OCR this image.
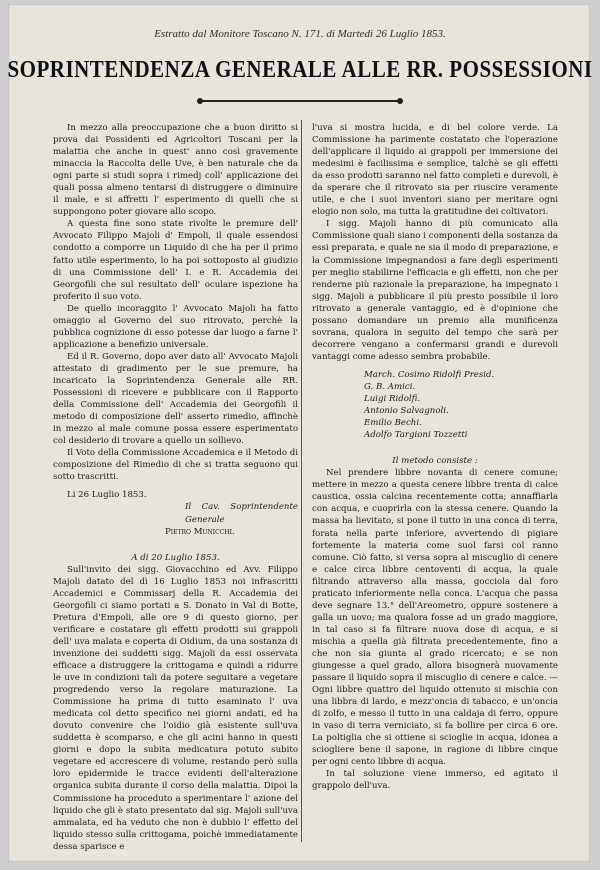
Estratto dal Monitore Toscano N. 171. di Martedì 26 Luglio 1853.
SOPRINTENDENZA GENERALE ALLE RR. POSSESSIONI

In mezzo alla preoccupazione che a buon diritto si prova dai Possidenti ed Agricoltori Toscani per la malattia che anche in quest' anno così gravemente minaccia la Raccolta delle Uve, è ben naturale che da ogni parte si studi sopra i rimedj coll' applicazione dei quali possa almeno tentarsi di distruggere o diminuire il male, e si affretti l' esperimento di quelli che si suppongono poter giovare allo scopo.

A questa fine sono state rivolte le premure dell' Avvocato Filippo Majoli d' Empoli, il quale essendosi condotto a comporre un Liquido di che ha per il primo fatto utile esperimento, lo ha poi sottoposto al giudizio di una Commissione dell' I. e R. Accademia dei Georgofili che sul resultato dell' oculare ispezione ha proferito il suo voto.

De quello incoraggito l' Avvocato Majoli ha fatto omaggio al Governo del suo ritrovato, perchè la pubblica cognizione di esso potesse dar luogo a farne l' applicazione a benefizio universale.

Ed il R. Governo, dopo aver dato all' Avvocato Majoli attestato di gradimento per le sue premure, ha incaricato la Soprintendenza Generale alle RR. Possessioni di ricevere e pubblicare con il Rapporto della Commissione dell' Accademia dei Georgofili il metodo di composizione dell' asserto rimedio, affinchè in mezzo al male comune possa essere esperimentato col desiderio di trovare a quello un sollievo.

Il Voto della Commissione Accademica e il Metodo di composizione del Rimedio di che si tratta seguono qui sotto trascritti.

Li 26 Luglio 1853.

Il Cav. Soprintendente Generale

Pietro Municchi.

A di 20 Luglio 1853.

Sull'invito dei sigg. Giovacchino ed Avv. Filippo Majoli datato del dì 16 Luglio 1853 noi infrascritti Accademici e Commissarj della R. Accademia dei Georgofili ci siamo portati a S. Donato in Val di Botte, Pretura d'Empoli, alle ore 9 di questo giorno, per verificare e costatare gli effetti prodotti sui grappoli dell' uva malata e coperta di Oidium, da una sostanza di invenzione dei suddetti sigg. Majoli da essi osservata efficace a distruggere la crittogama e quindi a ridurre le uve in condizioni tali da potere seguitare a vegetare progredendo verso la regolare maturazione. La Commissione ha prima di tutto esaminato l' uva medicata col detto specifico nei giorni andati, ed ha dovuto convenire che l'oidio già esistente sull'uva suddetta è scomparso, e che gli acini hanno in questi giorni e dopo la subita medicatura potuto subito vegetare ed accrescere di volume, restando però sulla loro epidermide le tracce evidenti dell'alterazione organica subita durante il corso della malattia. Dipoi la Commissione ha proceduto a sperimentare l' azione del liquido che gli è stato presentato dal sig. Majoli sull'uva ammalata, ed ha veduto che non è dubbio l' effetto del liquido stesso sulla crittogama, poichè immediatamente dessa sparisce e

l'uva si mostra lucida, e di bel colore verde. La Commissione ha parimente costatato che l'operazione dell'applicare il liquido ai grappoli per immersione dei medesimi è facilissima e semplice, talchè se gli effetti da esso prodotti saranno nel fatto completi e durevoli, è da sperare che il ritrovato sia per riuscire veramente utile, e che i suoi inventori siano per meritare ogni elogio non solo, ma tutta la gratitudine dei coltivatori.

I sigg. Majoli hanno di più comunicato alla Commissione quali siano i componenti della sostanza da essi preparata, e quale ne sia il modo di preparazione, e la Commissione impegnandosi a fare degli esperimenti per meglio stabilirne l'efficacia e gli effetti, non che per renderne più razionale la preparazione, ha impegnato i sigg. Majoli a pubblicare il più presto possibile il loro ritrovato a generale vantaggio, ed è d'opinione che possano domandare un premio alla munificenza sovrana, qualora in seguito del tempo che sarà per decorrere vengano a confermarsi grandi e durevoli vantaggi come adesso sembra probabile.

March. Cosimo Ridolfi Presid.

G. B. Amici.

Luigi Ridolfi.

Antonio Salvagnoli.

Emilio Bechi.

Adolfo Targioni Tozzetti

Il metodo consiste :

Nel prendere libbre novanta di cenere comune; mettere in mezzo a questa cenere libbre trenta di calce caustica, ossia calcina recentemente cotta; annaffiarla con acqua, e cuoprirla con la stessa cenere. Quando la massa ha lievitato, si pone il tutto in una conca di terra, forata nella parte inferiore, avvertendo di pigiare fortemente la materia come suol farsi col ranno comune. Ciò fatto, si versa sopra al miscuglio di cenere e calce circa libbre centoventi di acqua, la quale filtrando attraverso alla massa, gocciola dal foro praticato inferiormente nella conca. L'acqua che passa deve segnare 13.° dell'Areometro, oppure sostenere a galla un uovo; ma qualora fosse ad un grado maggiore, in tal caso si fa filtrare nuova dose di acqua, e si mischia a quella già filtrata precedentemente, fino a che non sia giunta al grado ricercato; e se non giungesse a quel grado, allora bisognerà nuovamente passare il liquido sopra il miscuglio di cenere e calce. — Ogni libbre quattro del liquido ottenuto si mischia con una libbra di lardo, e mezz'oncia di tabacco, e un'oncia di zolfo, e messo il tutto in una caldaja di ferro, oppure in vaso di terra verniciato, si fa bollire per circa 6 ore. La poltiglia che si ottiene si scioglie in acqua, idonea a sciogliere bene il sapone, in ragione di libbre cinque per ogni cento libbre di acqua.

In tal soluzione viene immerso, ed agitato il grappolo dell'uva.
